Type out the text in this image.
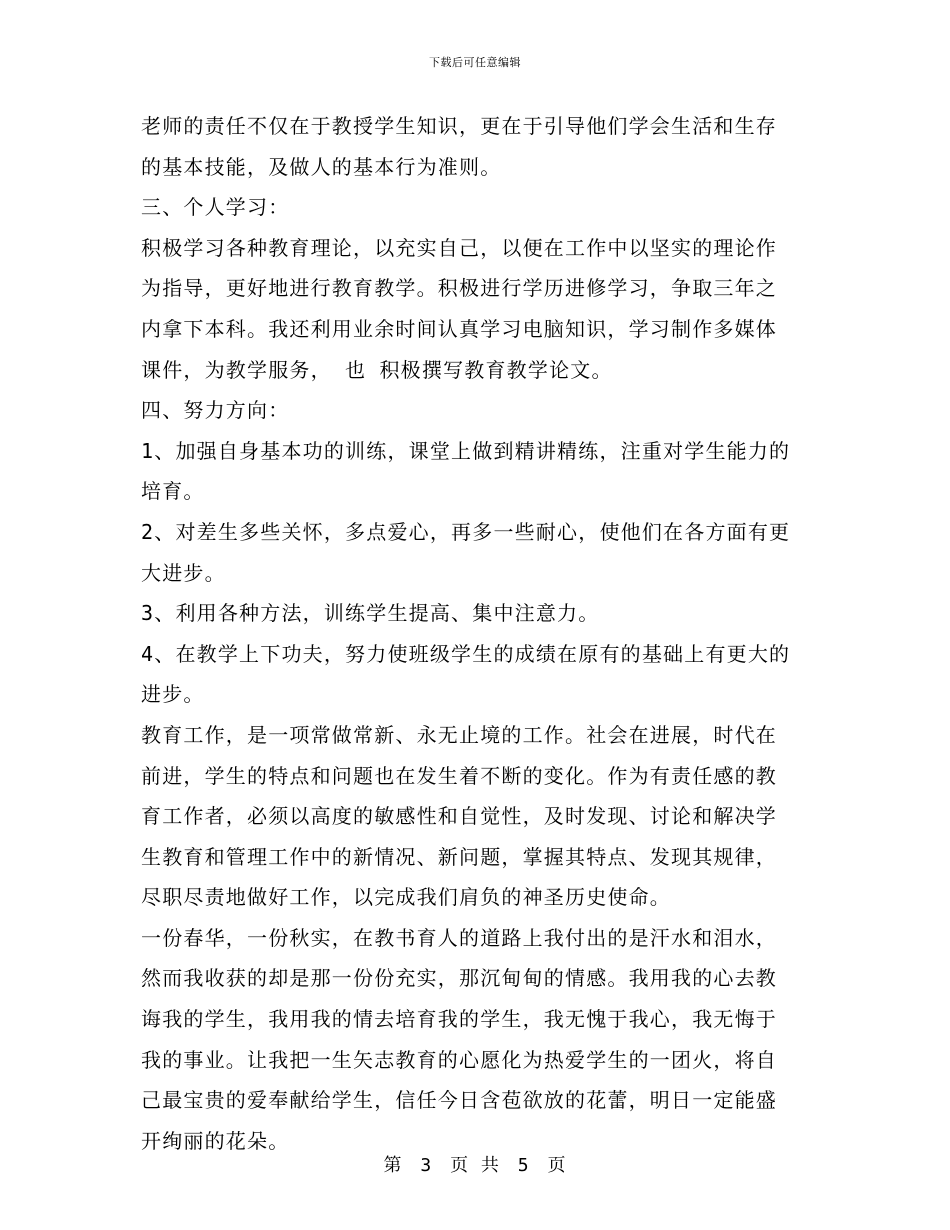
下载后可任意编辑
老师的责任不仅在于教授学生知识，更在于引导他们学会生活和生存
的基本技能，及做人的基本行为准则。
三、个人学习：
积极学习各种教育理论，以充实自己，以便在工作中以坚实的理论作
为指导，更好地进行教育教学。积极进行学历进修学习，争取三年之
内拿下本科。我还利用业余时间认真学习电脑知识，学习制作多媒体
课件，为教学服务， 也 积极撰写教育教学论文。
四、努力方向：
1、加强自身基本功的训练，课堂上做到精讲精练，注重对学生能力的
培育。
2、对差生多些关怀，多点爱心，再多一些耐心，使他们在各方面有更
大进步。
3、利用各种方法，训练学生提高、集中注意力。
4、在教学上下功夫，努力使班级学生的成绩在原有的基础上有更大的
进步。
教育工作，是一项常做常新、永无止境的工作。社会在进展，时代在
前进，学生的特点和问题也在发生着不断的变化。作为有责任感的教
育工作者，必须以高度的敏感性和自觉性，及时发现、讨论和解决学
生教育和管理工作中的新情况、新问题，掌握其特点、发现其规律，
尽职尽责地做好工作，以完成我们肩负的神圣历史使命。
一份春华，一份秋实，在教书育人的道路上我付出的是汗水和泪水，
然而我收获的却是那一份份充实，那沉甸甸的情感。我用我的心去教
诲我的学生，我用我的情去培育我的学生，我无愧于我心，我无悔于
我的事业。让我把一生矢志教育的心愿化为热爱学生的一团火，将自
己最宝贵的爱奉献给学生，信任今日含苞欲放的花蕾，明日一定能盛
开绚丽的花朵。
第 3 页 共 5 页
